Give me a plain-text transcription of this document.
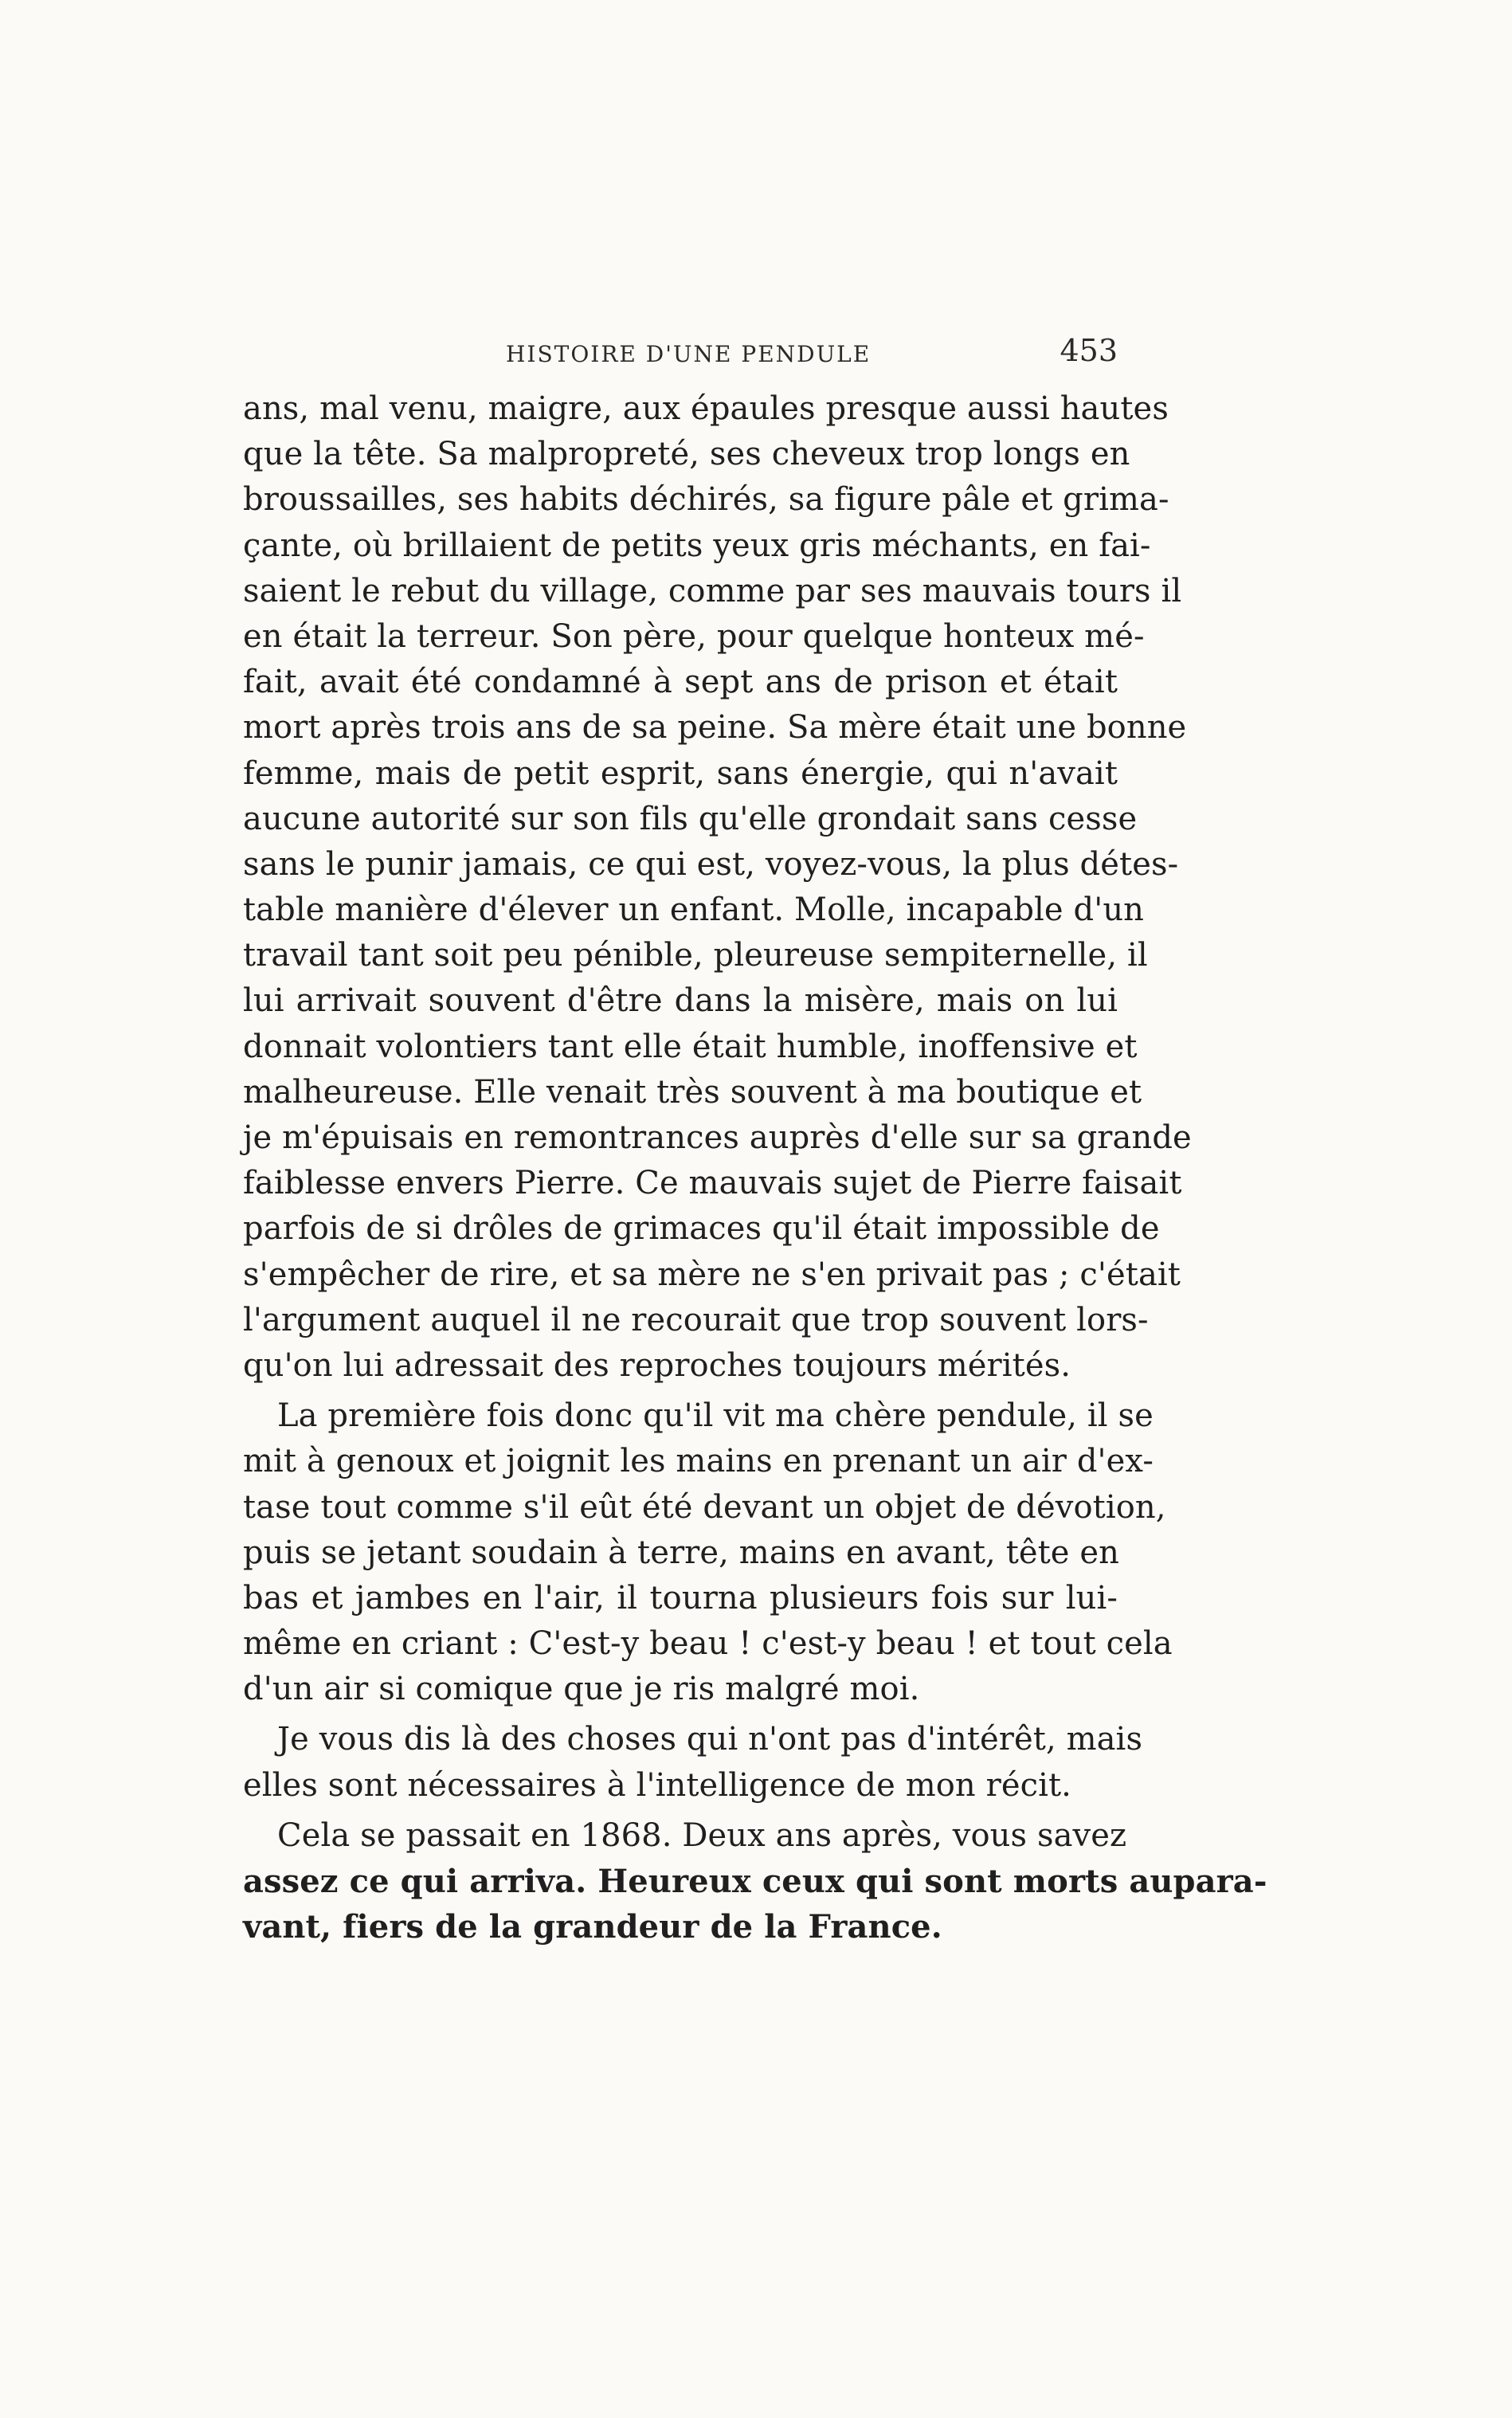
HISTOIRE D'UNE PENDULE	453
ans, mal venu, maigre, aux épaules presque aussi hautes
que la tête. Sa malpropreté, ses cheveux trop longs en
broussailles, ses habits déchirés, sa figure pâle et grima-
çante, où brillaient de petits yeux gris méchants, en fai-
saient le rebut du village, comme par ses mauvais tours il
en était la terreur. Son père, pour quelque honteux mé-
fait, avait été condamné à sept ans de prison et était
mort après trois ans de sa peine. Sa mère était une bonne
femme, mais de petit esprit, sans énergie, qui n'avait
aucune autorité sur son fils qu'elle grondait sans cesse
sans le punir jamais, ce qui est, voyez-vous, la plus détes-
table manière d'élever un enfant. Molle, incapable d'un
travail tant soit peu pénible, pleureuse sempiternelle, il
lui arrivait souvent d'être dans la misère, mais on lui
donnait volontiers tant elle était humble, inoffensive et
malheureuse. Elle venait très souvent à ma boutique et
je m'épuisais en remontrances auprès d'elle sur sa grande
faiblesse envers Pierre. Ce mauvais sujet de Pierre faisait
parfois de si drôles de grimaces qu'il était impossible de
s'empêcher de rire, et sa mère ne s'en privait pas ; c'était
l'argument auquel il ne recourait que trop souvent lors-
qu'on lui adressait des reproches toujours mérités.
La première fois donc qu'il vit ma chère pendule, il se
mit à genoux et joignit les mains en prenant un air d'ex-
tase tout comme s'il eût été devant un objet de dévotion,
puis se jetant soudain à terre, mains en avant, tête en
bas et jambes en l'air, il tourna plusieurs fois sur lui-
même en criant : C'est-y beau ! c'est-y beau ! et tout cela
d'un air si comique que je ris malgré moi.
Je vous dis là des choses qui n'ont pas d'intérêt, mais
elles sont nécessaires à l'intelligence de mon récit.
Cela se passait en 1868. Deux ans après, vous savez
assez ce qui arriva. Heureux ceux qui sont morts aupara-
vant, fiers de la grandeur de la France.
